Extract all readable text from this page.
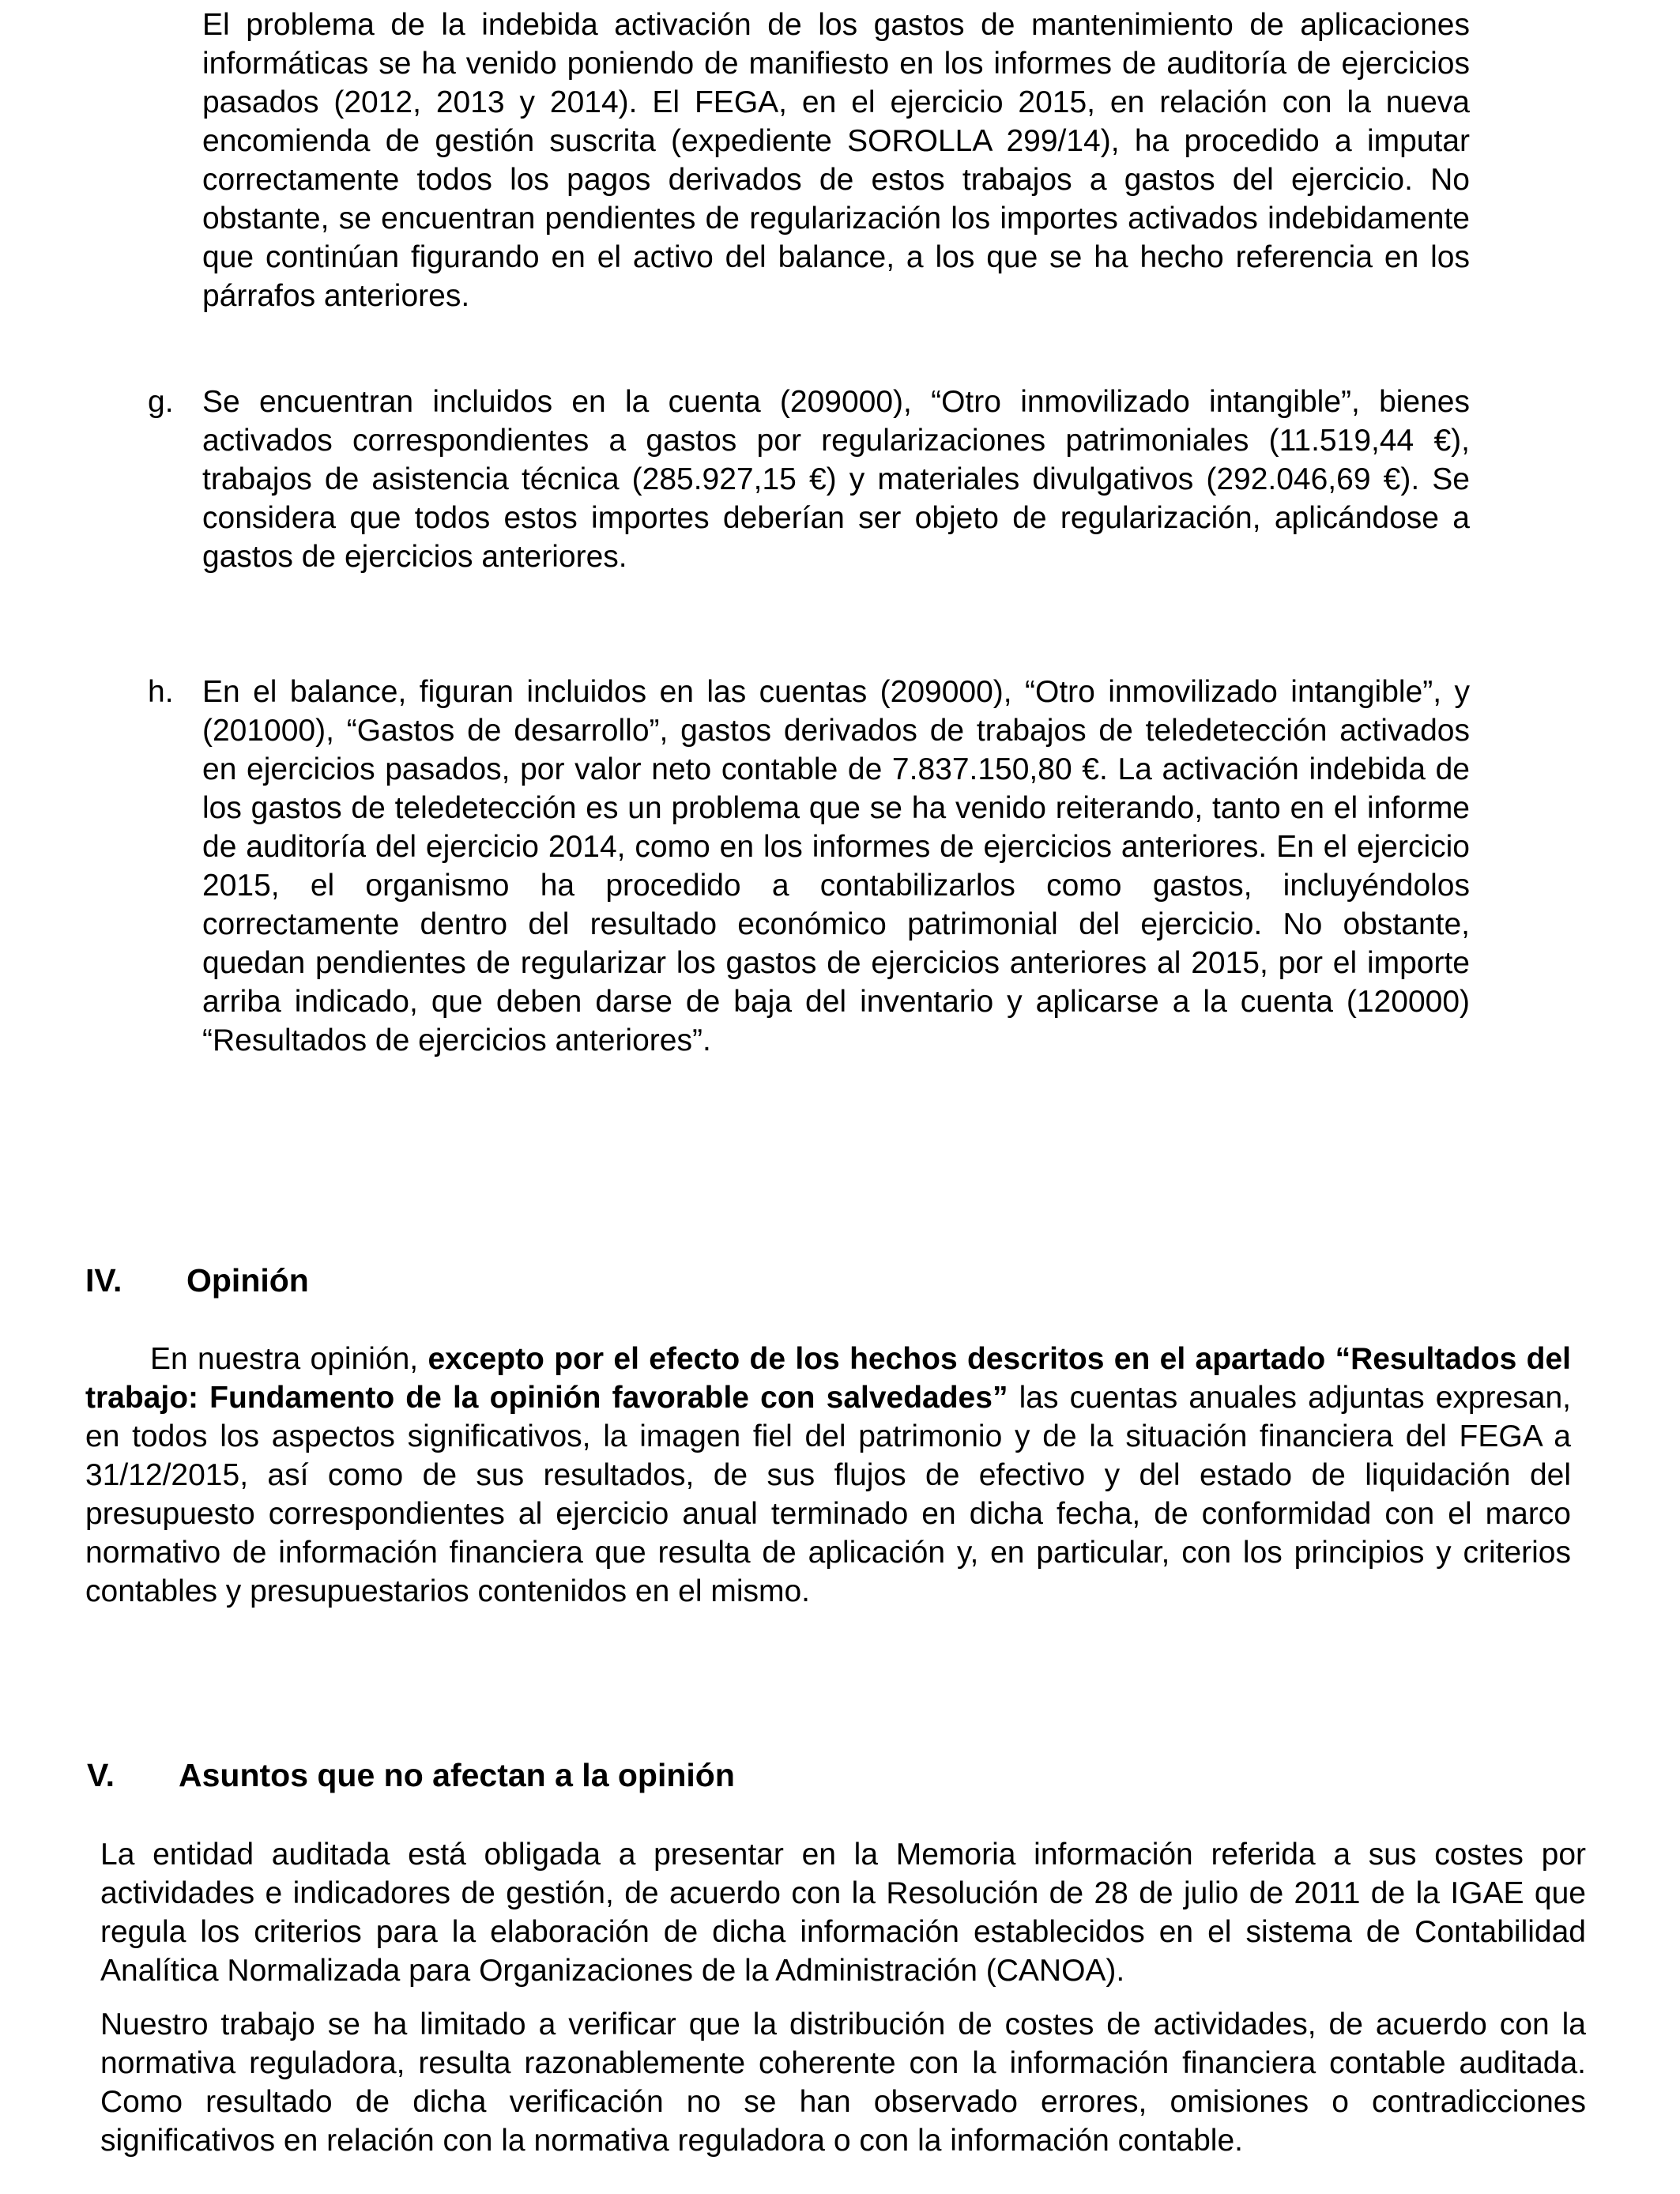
El problema de la indebida activación de los gastos de mantenimiento de aplicaciones informáticas se ha venido poniendo de manifiesto en los informes de auditoría de ejercicios pasados (2012, 2013 y 2014). El FEGA, en el ejercicio 2015, en relación con la nueva encomienda de gestión suscrita (expediente SOROLLA 299/14), ha procedido a imputar correctamente todos los pagos derivados de estos trabajos a gastos del ejercicio. No obstante, se encuentran pendientes de regularización los importes activados indebidamente que continúan figurando en el activo del balance, a los que se ha hecho referencia en los párrafos anteriores.
g. Se encuentran incluidos en la cuenta (209000), “Otro inmovilizado intangible”, bienes activados correspondientes a gastos por regularizaciones patrimoniales (11.519,44 €), trabajos de asistencia técnica (285.927,15 €) y materiales divulgativos (292.046,69 €). Se considera que todos estos importes deberían ser objeto de regularización, aplicándose a gastos de ejercicios anteriores.
h. En el balance, figuran incluidos en las cuentas (209000), “Otro inmovilizado intangible”, y (201000), “Gastos de desarrollo”, gastos derivados de trabajos de teledetección activados en ejercicios pasados, por valor neto contable de 7.837.150,80 €. La activación indebida de los gastos de teledetección es un problema que se ha venido reiterando, tanto en el informe de auditoría del ejercicio 2014, como en los informes de ejercicios anteriores. En el ejercicio 2015, el organismo ha procedido a contabilizarlos como gastos, incluyéndolos correctamente dentro del resultado económico patrimonial del ejercicio. No obstante, quedan pendientes de regularizar los gastos de ejercicios anteriores al 2015, por el importe arriba indicado, que deben darse de baja del inventario y aplicarse a la cuenta (120000) “Resultados de ejercicios anteriores”.
IV. Opinión
En nuestra opinión, excepto por el efecto de los hechos descritos en el apartado “Resultados del trabajo: Fundamento de la opinión favorable con salvedades” las cuentas anuales adjuntas expresan, en todos los aspectos significativos, la imagen fiel del patrimonio y de la situación financiera del FEGA a 31/12/2015, así como de sus resultados, de sus flujos de efectivo y del estado de liquidación del presupuesto correspondientes al ejercicio anual terminado en dicha fecha, de conformidad con el marco normativo de información financiera que resulta de aplicación y, en particular, con los principios y criterios contables y presupuestarios contenidos en el mismo.
V. Asuntos que no afectan a la opinión
La entidad auditada está obligada a presentar en la Memoria información referida a sus costes por actividades e indicadores de gestión, de acuerdo con la Resolución de 28 de julio de 2011 de la IGAE que regula los criterios para la elaboración de dicha información establecidos en el sistema de Contabilidad Analítica Normalizada para Organizaciones de la Administración (CANOA).
Nuestro trabajo se ha limitado a verificar que la distribución de costes de actividades, de acuerdo con la normativa reguladora, resulta razonablemente coherente con la información financiera contable auditada. Como resultado de dicha verificación no se han observado errores, omisiones o contradicciones significativos en relación con la normativa reguladora o con la información contable.
